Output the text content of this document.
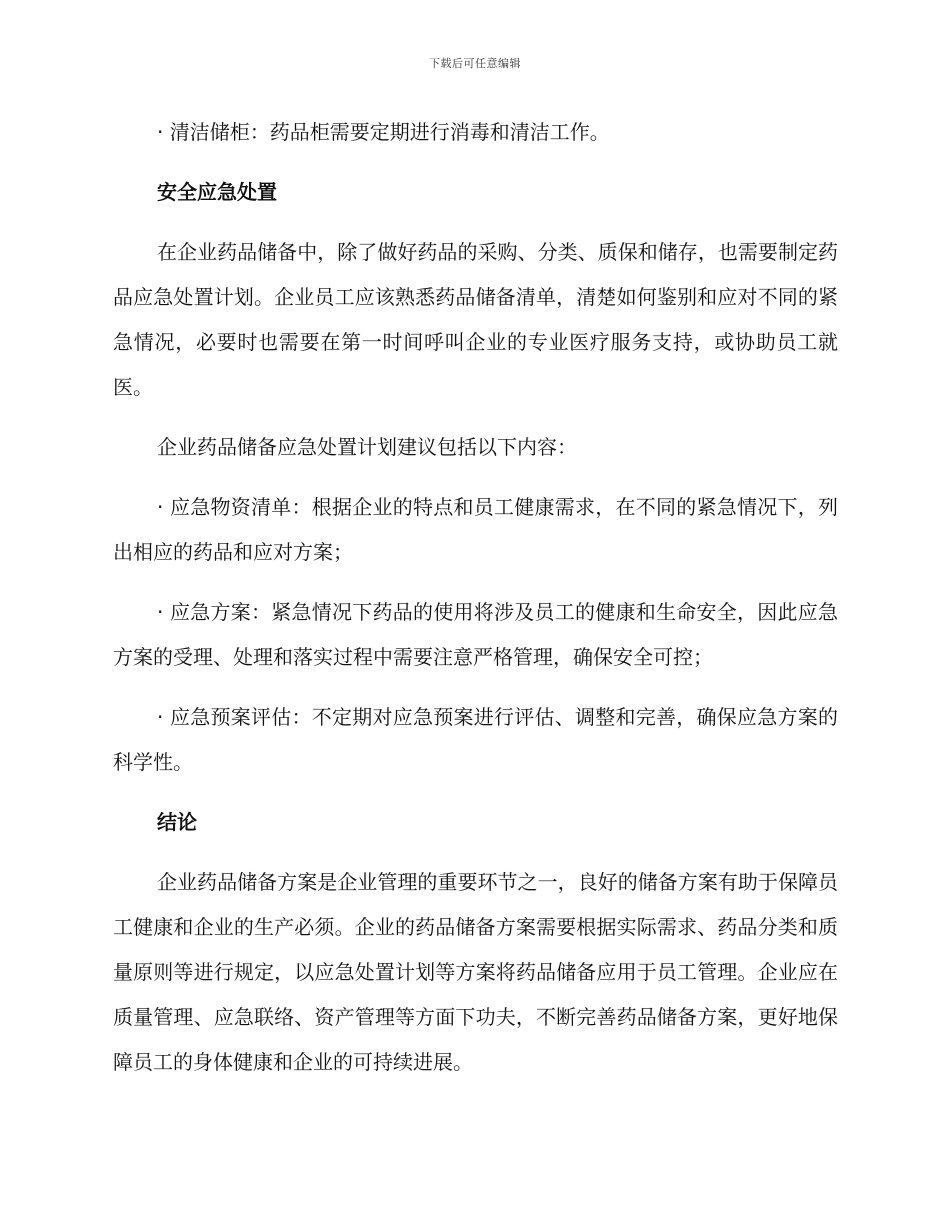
下载后可任意编辑

· 清洁储柜：药品柜需要定期进行消毒和清洁工作。

安全应急处置

在企业药品储备中，除了做好药品的采购、分类、质保和储存，也需要制定药品应急处置计划。企业员工应该熟悉药品储备清单，清楚如何鉴别和应对不同的紧急情况，必要时也需要在第一时间呼叫企业的专业医疗服务支持，或协助员工就医。

企业药品储备应急处置计划建议包括以下内容：

· 应急物资清单：根据企业的特点和员工健康需求，在不同的紧急情况下，列出相应的药品和应对方案；

· 应急方案：紧急情况下药品的使用将涉及员工的健康和生命安全，因此应急方案的受理、处理和落实过程中需要注意严格管理，确保安全可控；

· 应急预案评估：不定期对应急预案进行评估、调整和完善，确保应急方案的科学性。

结论

企业药品储备方案是企业管理的重要环节之一，良好的储备方案有助于保障员工健康和企业的生产必须。企业的药品储备方案需要根据实际需求、药品分类和质量原则等进行规定，以应急处置计划等方案将药品储备应用于员工管理。企业应在质量管理、应急联络、资产管理等方面下功夫，不断完善药品储备方案，更好地保障员工的身体健康和企业的可持续进展。
